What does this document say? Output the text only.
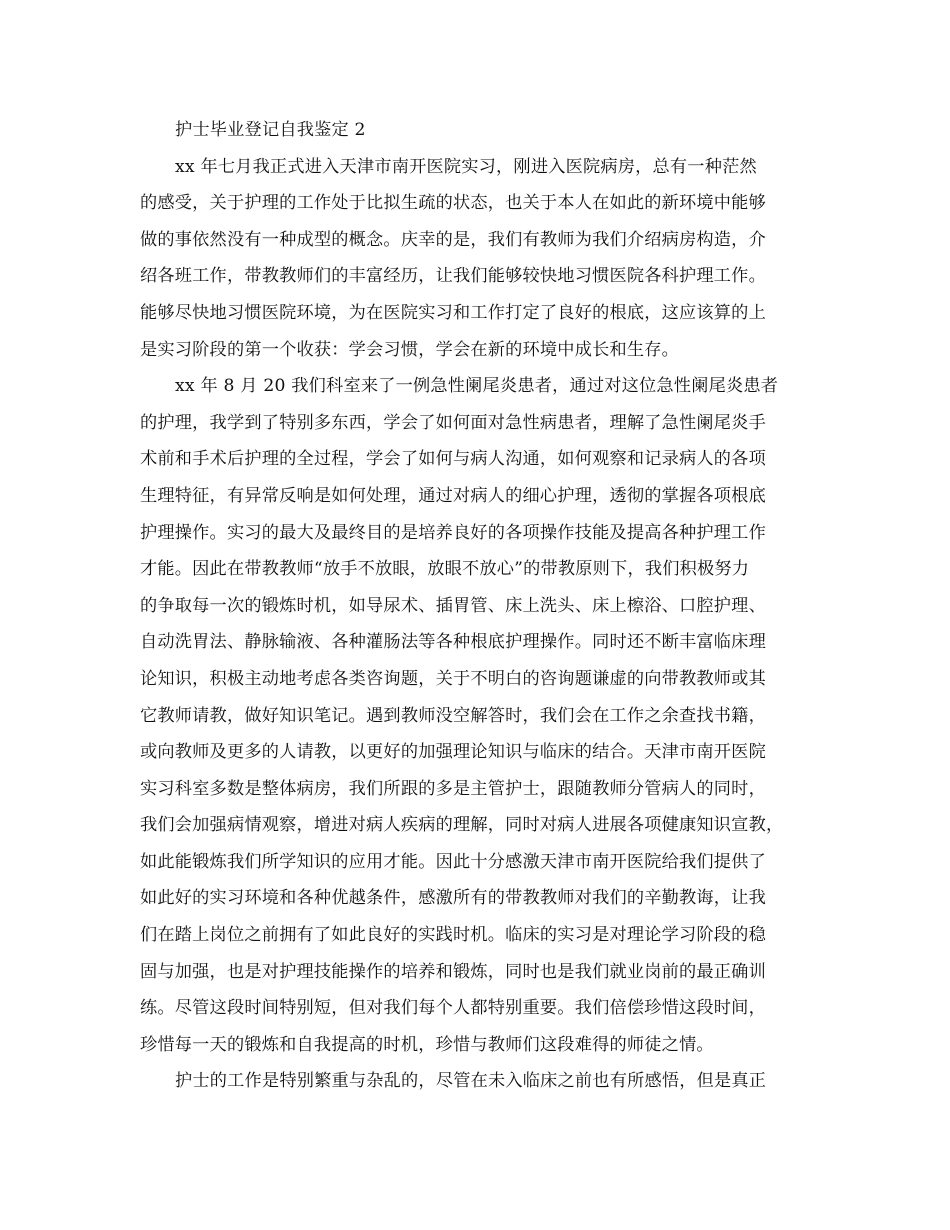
护士毕业登记自我鉴定 2

xx 年七月我正式进入天津市南开医院实习，刚进入医院病房，总有一种茫然
的感受，关于护理的工作处于比拟生疏的状态，也关于本人在如此的新环境中能够
做的事依然没有一种成型的概念。庆幸的是，我们有教师为我们介绍病房构造，介
绍各班工作，带教教师们的丰富经历，让我们能够较快地习惯医院各科护理工作。
能够尽快地习惯医院环境，为在医院实习和工作打定了良好的根底，这应该算的上
是实习阶段的第一个收获：学会习惯，学会在新的环境中成长和生存。

xx 年 8 月 20 我们科室来了一例急性阑尾炎患者，通过对这位急性阑尾炎患者
的护理，我学到了特别多东西，学会了如何面对急性病患者，理解了急性阑尾炎手
术前和手术后护理的全过程，学会了如何与病人沟通，如何观察和记录病人的各项
生理特征，有异常反响是如何处理，通过对病人的细心护理，透彻的掌握各项根底
护理操作。实习的最大及最终目的是培养良好的各项操作技能及提高各种护理工作
才能。因此在带教教师“放手不放眼，放眼不放心”的带教原则下，我们积极努力
的争取每一次的锻炼时机，如导尿术、插胃管、床上洗头、床上檫浴、口腔护理、
自动洗胃法、静脉输液、各种灌肠法等各种根底护理操作。同时还不断丰富临床理
论知识，积极主动地考虑各类咨询题，关于不明白的咨询题谦虚的向带教教师或其
它教师请教，做好知识笔记。遇到教师没空解答时，我们会在工作之余查找书籍，
或向教师及更多的人请教，以更好的加强理论知识与临床的结合。天津市南开医院
实习科室多数是整体病房，我们所跟的多是主管护士，跟随教师分管病人的同时，
我们会加强病情观察，增进对病人疾病的理解，同时对病人进展各项健康知识宣教，
如此能锻炼我们所学知识的应用才能。因此十分感激天津市南开医院给我们提供了
如此好的实习环境和各种优越条件，感激所有的带教教师对我们的辛勤教诲，让我
们在踏上岗位之前拥有了如此良好的实践时机。临床的实习是对理论学习阶段的稳
固与加强，也是对护理技能操作的培养和锻炼，同时也是我们就业岗前的最正确训
练。尽管这段时间特别短，但对我们每个人都特别重要。我们倍偿珍惜这段时间，
珍惜每一天的锻炼和自我提高的时机，珍惜与教师们这段难得的师徒之情。

护士的工作是特别繁重与杂乱的，尽管在未入临床之前也有所感悟，但是真正
